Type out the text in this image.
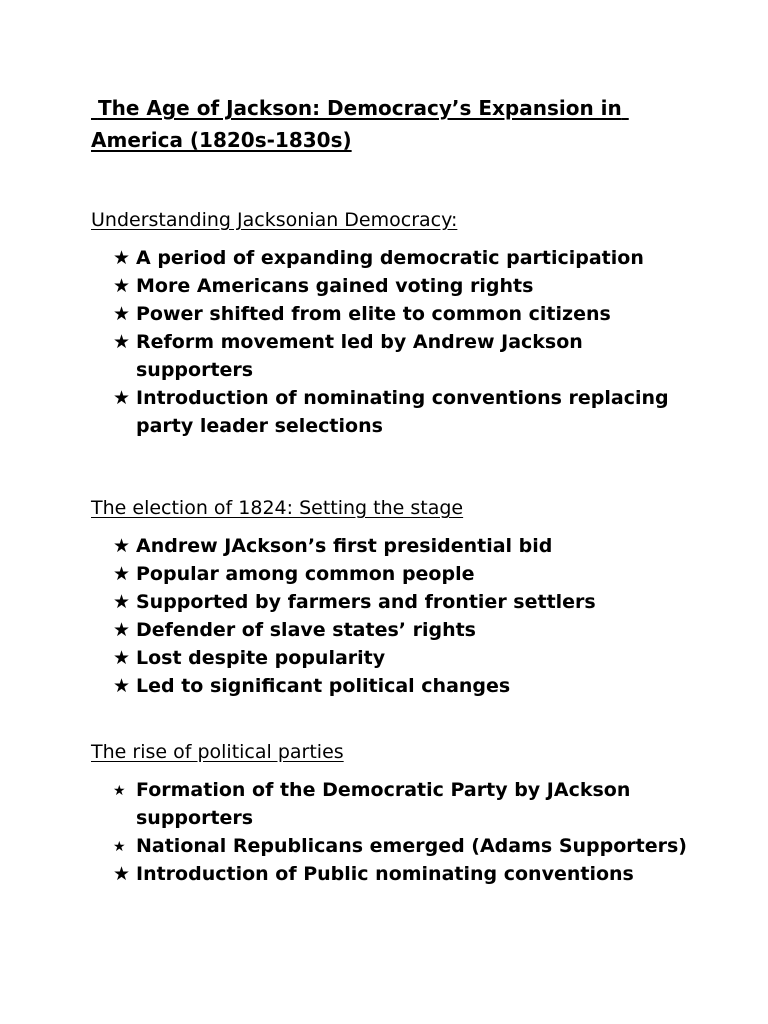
The Age of Jackson: Democracy’s Expansion in America (1820s-1830s)
Understanding Jacksonian Democracy:
★ A period of expanding democratic participation
★ More Americans gained voting rights
★ Power shifted from elite to common citizens
★ Reform movement led by Andrew Jackson supporters
★ Introduction of nominating conventions replacing party leader selections
The election of 1824: Setting the stage
★ Andrew JAckson’s first presidential bid
★ Popular among common people
★ Supported by farmers and frontier settlers
★ Defender of slave states’ rights
★ Lost despite popularity
★ Led to significant political changes
The rise of political parties
★ Formation of the Democratic Party by JAckson supporters
★ National Republicans emerged (Adams Supporters)
★ Introduction of Public nominating conventions
